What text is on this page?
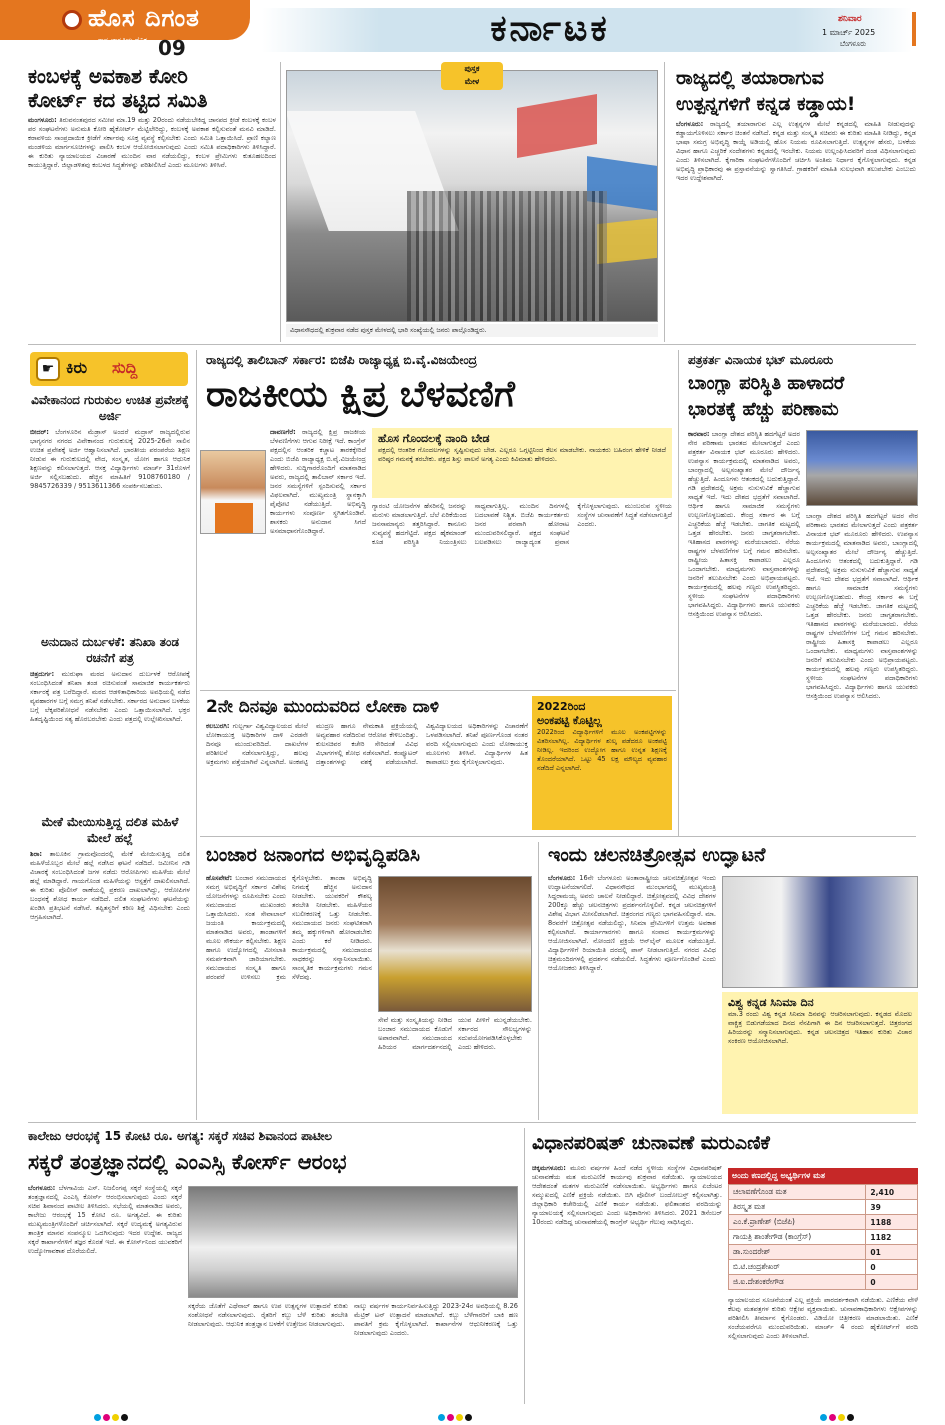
ಹೊಸ ದಿಗಂತ
ರಾಷ್ಟ್ರ ಜಾಗೃತಿಯ ದೈನಿಕ 09	ಕರ್ನಾಟಕ	ಶನಿವಾರ
1 ಮಾರ್ಚ್ 2025
ಬೆಂಗಳೂರು
ಕಂಬಳಕ್ಕೆ ಅವಕಾಶ ಕೋರಿ
ಕೋರ್ಟ್ ಕದ ತಟ್ಟಿದ ಸಮಿತಿ
ಮಂಗಳೂರು: ತಿರುವನಂತಪುರದ ಸಮೀಪ ಮಾ.19 ಮತ್ತು 20ರಂದು ನಡೆಯಬೇಕಿದ್ದ ಜಾನಪದ ಕ್ರೀಡೆ ಕಂಬಳಕ್ಕೆ ಕಂಬಳ ಪರ ಸಂಘಟನೆಗಳು ಅನುಮತಿ ಕೋರಿ ಹೈಕೋರ್ಟ್ ಮೆಟ್ಟಿಲೇರಿದ್ದು, ಕಂಬಳಕ್ಕೆ ಅವಕಾಶ ಕಲ್ಪಿಸುವಂತೆ ಮನವಿ ಮಾಡಿದೆ. ಕರಾವಳಿಯ ಸಾಂಪ್ರದಾಯಿಕ ಕ್ರೀಡೆಗೆ ಸರ್ಕಾರವು ಸೂಕ್ತ ವ್ಯವಸ್ಥೆ ಕಲ್ಪಿಸಬೇಕು ಎಂದು ಸಮಿತಿ ಒತ್ತಾಯಿಸಿದೆ. ಪ್ರಾಣಿ ಕಲ್ಯಾಣ ಮಂಡಳಿಯ ಮಾರ್ಗಸೂಚಿಗಳನ್ನು ಪಾಲಿಸಿ ಕಂಬಳ ಆಯೋಜಿಸಲಾಗುವುದು ಎಂದು ಸಮಿತಿ ಪದಾಧಿಕಾರಿಗಳು ತಿಳಿಸಿದ್ದಾರೆ. ಈ ಕುರಿತು ನ್ಯಾಯಾಲಯದ ವಿಚಾರಣೆ ಮುಂದಿನ ವಾರ ನಡೆಯಲಿದ್ದು, ಕಂಬಳ ಪ್ರೇಮಿಗಳು ಕುತೂಹಲದಿಂದ ಕಾಯುತ್ತಿದ್ದಾರೆ. ಜಿಲ್ಲಾಡಳಿತವು ಕಂಬಳದ ಸಿದ್ಧತೆಗಳನ್ನು ಪರಿಶೀಲಿಸಿದೆ ಎಂದು ಮೂಲಗಳು ತಿಳಿಸಿವೆ.
ಪುಸ್ತಕ
ಮೇಳ
ವಿಧಾನಸೌಧದಲ್ಲಿ ಶುಕ್ರವಾರ ನಡೆದ ಪುಸ್ತಕ ಮೇಳದಲ್ಲಿ ಭಾರಿ ಸಂಖ್ಯೆಯಲ್ಲಿ ಜನರು ಪಾಲ್ಗೊಂಡಿದ್ದರು.
ರಾಜ್ಯದಲ್ಲಿ ತಯಾರಾಗುವ
ಉತ್ಪನ್ನಗಳಿಗೆ ಕನ್ನಡ ಕಡ್ಡಾಯ!
ಬೆಂಗಳೂರು: ರಾಜ್ಯದಲ್ಲಿ ತಯಾರಾಗುವ ಎಲ್ಲ ಉತ್ಪನ್ನಗಳ ಮೇಲೆ ಕನ್ನಡದಲ್ಲಿ ಮಾಹಿತಿ ನೀಡುವುದನ್ನು ಕಡ್ಡಾಯಗೊಳಿಸಲು ಸರ್ಕಾರ ಚಿಂತನೆ ನಡೆಸಿದೆ. ಕನ್ನಡ ಮತ್ತು ಸಂಸ್ಕೃತಿ ಸಚಿವರು ಈ ಕುರಿತು ಮಾಹಿತಿ ನೀಡಿದ್ದು, ಕನ್ನಡ ಭಾಷಾ ಸಮಗ್ರ ಅಭಿವೃದ್ಧಿ ಕಾಯ್ದೆ ಅಡಿಯಲ್ಲಿ ಹೊಸ ನಿಯಮ ರೂಪಿಸಲಾಗುತ್ತಿದೆ. ಉತ್ಪನ್ನಗಳ ಹೆಸರು, ಬಳಕೆಯ ವಿಧಾನ ಹಾಗೂ ಎಚ್ಚರಿಕೆ ಸಂದೇಶಗಳು ಕನ್ನಡದಲ್ಲಿ ಇರಬೇಕು. ನಿಯಮ ಉಲ್ಲಂಘಿಸಿದವರಿಗೆ ದಂಡ ವಿಧಿಸಲಾಗುವುದು ಎಂದು ತಿಳಿಸಲಾಗಿದೆ. ಕೈಗಾರಿಕಾ ಸಂಘಟನೆಗಳೊಂದಿಗೆ ಚರ್ಚಿಸಿ ಅಂತಿಮ ನಿರ್ಧಾರ ಕೈಗೊಳ್ಳಲಾಗುವುದು. ಕನ್ನಡ ಅಭಿವೃದ್ಧಿ ಪ್ರಾಧಿಕಾರವು ಈ ಪ್ರಸ್ತಾವನೆಯನ್ನು ಸ್ವಾಗತಿಸಿದೆ. ಗ್ರಾಹಕರಿಗೆ ಮಾಹಿತಿ ಸುಲಭವಾಗಿ ತಲುಪಬೇಕು ಎಂಬುದು ಇದರ ಉದ್ದೇಶವಾಗಿದೆ.
☛ ಕಿರು ಸುದ್ದಿ
ವಿವೇಕಾನಂದ ಗುರುಕುಲ ಉಚಿತ ಪ್ರವೇಶಕ್ಕೆ ಅರ್ಜಿ
ಬೀದರ್: ಬೆಂಗಳೂರಿನ ಮೆಡ್ರಾಸ್ ಅಂದರೆ ಮದ್ರಾಸ್ ರಾಜ್ಯದಲ್ಲಿರುವ ಭಾಗ್ಯನಗರ ನಗರದ ವಿವೇಕಾನಂದ ಗುರುಕುಲಕ್ಕೆ 2025-26ನೇ ಸಾಲಿನ ಉಚಿತ ಪ್ರವೇಶಕ್ಕೆ ಅರ್ಜಿ ಆಹ್ವಾನಿಸಲಾಗಿದೆ. ಭಾರತೀಯ ಪರಂಪರೆಯ ಶಿಕ್ಷಣ ನೀಡುವ ಈ ಗುರುಕುಲದಲ್ಲಿ ವೇದ, ಸಂಸ್ಕೃತ, ಯೋಗ ಹಾಗೂ ಆಧುನಿಕ ಶಿಕ್ಷಣವನ್ನು ಕಲಿಸಲಾಗುತ್ತದೆ. ಆಸಕ್ತ ವಿದ್ಯಾರ್ಥಿಗಳು ಮಾರ್ಚ್ 31ರೊಳಗೆ ಅರ್ಜಿ ಸಲ್ಲಿಸಬಹುದು. ಹೆಚ್ಚಿನ ಮಾಹಿತಿಗೆ 9108760180 / 9845726339 / 9513611366 ಸಂಪರ್ಕಿಸಬಹುದು.
ಅನುದಾನ ದುರ್ಬಳಕೆ: ತನಿಖಾ ತಂಡ ರಚನೆಗೆ ಪತ್ರ
ಚಿತ್ರದುರ್ಗ: ಮುರುಘಾ ಮಠದ ಅನುದಾನ ದುರ್ಬಳಕೆ ಆರೋಪಕ್ಕೆ ಸಂಬಂಧಿಸಿದಂತೆ ತನಿಖಾ ತಂಡ ರಚಿಸುವಂತೆ ಸಾಮಾಜಿಕ ಕಾರ್ಯಕರ್ತರು ಸರ್ಕಾರಕ್ಕೆ ಪತ್ರ ಬರೆದಿದ್ದಾರೆ. ಮಠದ ಆಡಳಿತಾಧಿಕಾರಿಯ ಅವಧಿಯಲ್ಲಿ ನಡೆದ ವ್ಯವಹಾರಗಳ ಬಗ್ಗೆ ಸಮಗ್ರ ತನಿಖೆ ನಡೆಸಬೇಕು. ಸರ್ಕಾರದ ಅನುದಾನ ಬಳಕೆಯ ಬಗ್ಗೆ ಲೆಕ್ಕಪರಿಶೋಧನೆ ನಡೆಸಬೇಕು ಎಂದು ಒತ್ತಾಯಿಸಲಾಗಿದೆ. ಭಕ್ತರ ಹಿತದೃಷ್ಟಿಯಿಂದ ಸತ್ಯ ಹೊರಬರಬೇಕು ಎಂದು ಪತ್ರದಲ್ಲಿ ಉಲ್ಲೇಖಿಸಲಾಗಿದೆ.
ಮೇಕೆ ಮೇಯಿಸುತ್ತಿದ್ದ ದಲಿತ ಮಹಿಳೆ ಮೇಲೆ ಹಲ್ಲೆ
ಶಿರಾ: ತಾಲೂಕಿನ ಗ್ರಾಮವೊಂದರಲ್ಲಿ ಮೇಕೆ ಮೇಯಿಸುತ್ತಿದ್ದ ದಲಿತ ಮಹಿಳೆಯೊಬ್ಬರ ಮೇಲೆ ಹಲ್ಲೆ ನಡೆಸಿದ ಘಟನೆ ನಡೆದಿದೆ. ಜಮೀನಿನ ಗಡಿ ವಿಚಾರಕ್ಕೆ ಸಂಬಂಧಿಸಿದಂತೆ ಜಗಳ ನಡೆದು ಆರೋಪಿಗಳು ಮಹಿಳೆಯ ಮೇಲೆ ಹಲ್ಲೆ ಮಾಡಿದ್ದಾರೆ. ಗಾಯಗೊಂಡ ಮಹಿಳೆಯನ್ನು ಆಸ್ಪತ್ರೆಗೆ ದಾಖಲಿಸಲಾಗಿದೆ. ಈ ಕುರಿತು ಪೊಲೀಸ್ ಠಾಣೆಯಲ್ಲಿ ಪ್ರಕರಣ ದಾಖಲಾಗಿದ್ದು, ಆರೋಪಿಗಳ ಬಂಧನಕ್ಕೆ ಶೋಧ ಕಾರ್ಯ ನಡೆದಿದೆ. ದಲಿತ ಸಂಘಟನೆಗಳು ಘಟನೆಯನ್ನು ಖಂಡಿಸಿ ಪ್ರತಿಭಟನೆ ನಡೆಸಿವೆ. ತಪ್ಪಿತಸ್ಥರಿಗೆ ಕಠಿಣ ಶಿಕ್ಷೆ ವಿಧಿಸಬೇಕು ಎಂದು ಆಗ್ರಹಿಸಲಾಗಿದೆ.
ರಾಜ್ಯದಲ್ಲಿ ತಾಲಿಬಾನ್ ಸರ್ಕಾರ: ಬಿಜೆಪಿ ರಾಜ್ಯಾಧ್ಯಕ್ಷ ಬಿ.ವೈ.ವಿಜಯೇಂದ್ರ
ರಾಜಕೀಯ ಕ್ಷಿಪ್ರ ಬೆಳವಣಿಗೆ
ದಾವಣಗೆರೆ: ರಾಜ್ಯದಲ್ಲಿ ಕ್ಷಿಪ್ರ ರಾಜಕೀಯ ಬೆಳವಣಿಗೆಗಳು ಆಗುವ ನಿರೀಕ್ಷೆ ಇದೆ. ಕಾಂಗ್ರೆಸ್ ಪಕ್ಷದಲ್ಲಿನ ಆಂತರಿಕ ಕಚ್ಚಾಟ ತಾರಕಕ್ಕೇರಿದೆ ಎಂದು ಬಿಜೆಪಿ ರಾಜ್ಯಾಧ್ಯಕ್ಷ ಬಿ.ವೈ.ವಿಜಯೇಂದ್ರ ಹೇಳಿದರು. ಸುದ್ದಿಗಾರರೊಂದಿಗೆ ಮಾತನಾಡಿದ ಅವರು, ರಾಜ್ಯದಲ್ಲಿ ತಾಲಿಬಾನ್ ಸರ್ಕಾರ ಇದೆ. ಜನರ ಸಮಸ್ಯೆಗಳಿಗೆ ಸ್ಪಂದಿಸುವಲ್ಲಿ ಸರ್ಕಾರ ವಿಫಲವಾಗಿದೆ. ಮುಖ್ಯಮಂತ್ರಿ ಸ್ಥಾನಕ್ಕಾಗಿ ಪೈಪೋಟಿ ನಡೆಯುತ್ತಿದೆ. ಅಭಿವೃದ್ಧಿ ಕಾರ್ಯಗಳು ಸಂಪೂರ್ಣ ಸ್ಥಗಿತಗೊಂಡಿವೆ. ಶಾಸಕರು ಅನುದಾನ ಸಿಗದೆ ಅಸಮಾಧಾನಗೊಂಡಿದ್ದಾರೆ.
ಹೊಸ ಗೊಂದಲಕ್ಕೆ ನಾಂದಿ ಬೇಡ
ಪಕ್ಷದಲ್ಲಿ ಆಂತರಿಕ ಗೊಂದಲಗಳನ್ನು ಸೃಷ್ಟಿಸುವುದು ಬೇಡ. ಎಲ್ಲರೂ ಒಗ್ಗಟ್ಟಿನಿಂದ ಕೆಲಸ ಮಾಡಬೇಕು. ನಾಯಕರು ಬಹಿರಂಗ ಹೇಳಿಕೆ ನೀಡದೆ ವರಿಷ್ಠರ ಗಮನಕ್ಕೆ ತರಬೇಕು. ಪಕ್ಷದ ಶಿಸ್ತು ಪಾಲನೆ ಅಗತ್ಯ ಎಂದು ಕಿವಿಮಾತು ಹೇಳಿದರು.
ಗ್ಯಾರಂಟಿ ಯೋಜನೆಗಳ ಹೆಸರಿನಲ್ಲಿ ಜನರನ್ನು ಮರುಳು ಮಾಡಲಾಗುತ್ತಿದೆ. ಬೆಲೆ ಏರಿಕೆಯಿಂದ ಜನಸಾಮಾನ್ಯರು ತತ್ತರಿಸಿದ್ದಾರೆ. ಕಾನೂನು ಸುವ್ಯವಸ್ಥೆ ಹದಗೆಟ್ಟಿದೆ. ಪಕ್ಷದ ಹೈಕಮಾಂಡ್ ಕೂಡ ಪರಿಸ್ಥಿತಿ ನಿಯಂತ್ರಿಸಲು ಸಾಧ್ಯವಾಗುತ್ತಿಲ್ಲ. ಮುಂದಿನ ದಿನಗಳಲ್ಲಿ ಬದಲಾವಣೆ ನಿಶ್ಚಿತ. ಬಿಜೆಪಿ ಕಾರ್ಯಕರ್ತರು ಜನರ ಪರವಾಗಿ ಹೋರಾಟ ಮುಂದುವರಿಸಲಿದ್ದಾರೆ. ಪಕ್ಷದ ಸಂಘಟನೆ ಬಲಪಡಿಸಲು ರಾಜ್ಯಾದ್ಯಂತ ಪ್ರವಾಸ ಕೈಗೊಳ್ಳಲಾಗುವುದು. ಮುಂಬರುವ ಸ್ಥಳೀಯ ಸಂಸ್ಥೆಗಳ ಚುನಾವಣೆಗೆ ಸಿದ್ಧತೆ ನಡೆಸಲಾಗುತ್ತಿದೆ ಎಂದರು.
2ನೇ ದಿನವೂ ಮುಂದುವರಿದ ಲೋಕಾ ದಾಳಿ
ಕಲಬುರಗಿ: ಗುಲ್ಬರ್ಗಾ ವಿಶ್ವವಿದ್ಯಾಲಯದ ಮೇಲೆ ಲೋಕಾಯುಕ್ತ ಅಧಿಕಾರಿಗಳ ದಾಳಿ ಎರಡನೇ ದಿನವೂ ಮುಂದುವರಿದಿದೆ. ದಾಖಲೆಗಳ ಪರಿಶೀಲನೆ ನಡೆಸಲಾಗುತ್ತಿದ್ದು, ಹಲವು ಅಕ್ರಮಗಳು ಪತ್ತೆಯಾಗಿವೆ ಎನ್ನಲಾಗಿದೆ. ಅಂಕಪಟ್ಟಿ ಮುದ್ರಣ ಹಾಗೂ ನೇಮಕಾತಿ ಪ್ರಕ್ರಿಯೆಯಲ್ಲಿ ಅವ್ಯವಹಾರ ನಡೆದಿರುವ ಆರೋಪ ಕೇಳಿಬಂದಿತ್ತು. ಕುಲಸಚಿವರ ಕಚೇರಿ ಸೇರಿದಂತೆ ವಿವಿಧ ವಿಭಾಗಗಳಲ್ಲಿ ಶೋಧ ನಡೆಸಲಾಗಿದೆ. ಕಂಪ್ಯೂಟರ್ ದತ್ತಾಂಶಗಳನ್ನು ವಶಕ್ಕೆ ಪಡೆಯಲಾಗಿದೆ. ವಿಶ್ವವಿದ್ಯಾಲಯದ ಅಧಿಕಾರಿಗಳನ್ನು ವಿಚಾರಣೆಗೆ ಒಳಪಡಿಸಲಾಗಿದೆ. ತನಿಖೆ ಪೂರ್ಣಗೊಂಡ ನಂತರ ವರದಿ ಸಲ್ಲಿಸಲಾಗುವುದು ಎಂದು ಲೋಕಾಯುಕ್ತ ಮೂಲಗಳು ತಿಳಿಸಿವೆ. ವಿದ್ಯಾರ್ಥಿಗಳ ಹಿತ ಕಾಪಾಡಲು ಕ್ರಮ ಕೈಗೊಳ್ಳಲಾಗುವುದು.
2022ರಿಂದ
ಅಂಕಪಟ್ಟಿ ಕೊಟ್ಟಿಲ್ಲ
2022ರಿಂದ ವಿದ್ಯಾರ್ಥಿಗಳಿಗೆ ಮೂಲ ಅಂಕಪಟ್ಟಿಗಳನ್ನು ವಿತರಿಸಲಾಗಿಲ್ಲ. ವಿದ್ಯಾರ್ಥಿಗಳ ಶುಲ್ಕ ಪಡೆದರೂ ಅಂಕಪಟ್ಟಿ ನೀಡಿಲ್ಲ. ಇದರಿಂದ ಉದ್ಯೋಗ ಹಾಗೂ ಉನ್ನತ ಶಿಕ್ಷಣಕ್ಕೆ ತೊಂದರೆಯಾಗಿದೆ. ಒಟ್ಟು 45 ಲಕ್ಷ ಮೌಲ್ಯದ ವ್ಯವಹಾರ ನಡೆದಿದೆ ಎನ್ನಲಾಗಿದೆ.
ಪತ್ರಕರ್ತ ವಿನಾಯಕ ಭಟ್ ಮೂರೂರು
ಬಾಂಗ್ಲಾ ಪರಿಸ್ಥಿತಿ ಹಾಳಾದರೆ
ಭಾರತಕ್ಕೆ ಹೆಚ್ಚು ಪರಿಣಾಮ
ಕಾರವಾರ: ಬಾಂಗ್ಲಾ ದೇಶದ ಪರಿಸ್ಥಿತಿ ಹದಗೆಟ್ಟರೆ ಅದರ ನೇರ ಪರಿಣಾಮ ಭಾರತದ ಮೇಲಾಗುತ್ತದೆ ಎಂದು ಪತ್ರಕರ್ತ ವಿನಾಯಕ ಭಟ್ ಮೂರೂರು ಹೇಳಿದರು. ಉಪನ್ಯಾಸ ಕಾರ್ಯಕ್ರಮದಲ್ಲಿ ಮಾತನಾಡಿದ ಅವರು, ಬಾಂಗ್ಲಾದಲ್ಲಿ ಅಲ್ಪಸಂಖ್ಯಾತರ ಮೇಲೆ ದೌರ್ಜನ್ಯ ಹೆಚ್ಚುತ್ತಿದೆ. ಹಿಂದೂಗಳು ಆತಂಕದಲ್ಲಿ ಬದುಕುತ್ತಿದ್ದಾರೆ. ಗಡಿ ಪ್ರದೇಶದಲ್ಲಿ ಅಕ್ರಮ ನುಸುಳುವಿಕೆ ಹೆಚ್ಚಾಗುವ ಸಾಧ್ಯತೆ ಇದೆ. ಇದು ದೇಶದ ಭದ್ರತೆಗೆ ಸವಾಲಾಗಿದೆ. ಆರ್ಥಿಕ ಹಾಗೂ ಸಾಮಾಜಿಕ ಸಮಸ್ಯೆಗಳು ಉಲ್ಬಣಗೊಳ್ಳಬಹುದು. ಕೇಂದ್ರ ಸರ್ಕಾರ ಈ ಬಗ್ಗೆ ಎಚ್ಚರಿಕೆಯ ಹೆಜ್ಜೆ ಇಡಬೇಕು. ಜಾಗತಿಕ ಮಟ್ಟದಲ್ಲಿ ಒತ್ತಡ ಹೇರಬೇಕು. ಜನರು ಜಾಗೃತರಾಗಬೇಕು. ಇತಿಹಾಸದ ಪಾಠಗಳನ್ನು ಮರೆಯಬಾರದು. ನೆರೆಯ ರಾಷ್ಟ್ರಗಳ ಬೆಳವಣಿಗೆಗಳ ಬಗ್ಗೆ ಗಮನ ಹರಿಸಬೇಕು. ರಾಷ್ಟ್ರೀಯ ಹಿತಾಸಕ್ತಿ ಕಾಪಾಡಲು ಎಲ್ಲರೂ ಒಂದಾಗಬೇಕು. ಮಾಧ್ಯಮಗಳು ವಾಸ್ತವಾಂಶಗಳನ್ನು ಜನರಿಗೆ ತಲುಪಿಸಬೇಕು ಎಂದು ಅಭಿಪ್ರಾಯಪಟ್ಟರು. ಕಾರ್ಯಕ್ರಮದಲ್ಲಿ ಹಲವು ಗಣ್ಯರು ಉಪಸ್ಥಿತರಿದ್ದರು. ಸ್ಥಳೀಯ ಸಂಘಟನೆಗಳ ಪದಾಧಿಕಾರಿಗಳು ಭಾಗವಹಿಸಿದ್ದರು. ವಿದ್ಯಾರ್ಥಿಗಳು ಹಾಗೂ ಯುವಕರು ಆಸಕ್ತಿಯಿಂದ ಉಪನ್ಯಾಸ ಆಲಿಸಿದರು.
ಬಾಂಗ್ಲಾ ದೇಶದ ಪರಿಸ್ಥಿತಿ ಹದಗೆಟ್ಟರೆ ಅದರ ನೇರ ಪರಿಣಾಮ ಭಾರತದ ಮೇಲಾಗುತ್ತದೆ ಎಂದು ಪತ್ರಕರ್ತ ವಿನಾಯಕ ಭಟ್ ಮೂರೂರು ಹೇಳಿದರು. ಉಪನ್ಯಾಸ ಕಾರ್ಯಕ್ರಮದಲ್ಲಿ ಮಾತನಾಡಿದ ಅವರು, ಬಾಂಗ್ಲಾದಲ್ಲಿ ಅಲ್ಪಸಂಖ್ಯಾತರ ಮೇಲೆ ದೌರ್ಜನ್ಯ ಹೆಚ್ಚುತ್ತಿದೆ. ಹಿಂದೂಗಳು ಆತಂಕದಲ್ಲಿ ಬದುಕುತ್ತಿದ್ದಾರೆ. ಗಡಿ ಪ್ರದೇಶದಲ್ಲಿ ಅಕ್ರಮ ನುಸುಳುವಿಕೆ ಹೆಚ್ಚಾಗುವ ಸಾಧ್ಯತೆ ಇದೆ. ಇದು ದೇಶದ ಭದ್ರತೆಗೆ ಸವಾಲಾಗಿದೆ. ಆರ್ಥಿಕ ಹಾಗೂ ಸಾಮಾಜಿಕ ಸಮಸ್ಯೆಗಳು ಉಲ್ಬಣಗೊಳ್ಳಬಹುದು. ಕೇಂದ್ರ ಸರ್ಕಾರ ಈ ಬಗ್ಗೆ ಎಚ್ಚರಿಕೆಯ ಹೆಜ್ಜೆ ಇಡಬೇಕು. ಜಾಗತಿಕ ಮಟ್ಟದಲ್ಲಿ ಒತ್ತಡ ಹೇರಬೇಕು. ಜನರು ಜಾಗೃತರಾಗಬೇಕು. ಇತಿಹಾಸದ ಪಾಠಗಳನ್ನು ಮರೆಯಬಾರದು. ನೆರೆಯ ರಾಷ್ಟ್ರಗಳ ಬೆಳವಣಿಗೆಗಳ ಬಗ್ಗೆ ಗಮನ ಹರಿಸಬೇಕು. ರಾಷ್ಟ್ರೀಯ ಹಿತಾಸಕ್ತಿ ಕಾಪಾಡಲು ಎಲ್ಲರೂ ಒಂದಾಗಬೇಕು. ಮಾಧ್ಯಮಗಳು ವಾಸ್ತವಾಂಶಗಳನ್ನು ಜನರಿಗೆ ತಲುಪಿಸಬೇಕು ಎಂದು ಅಭಿಪ್ರಾಯಪಟ್ಟರು. ಕಾರ್ಯಕ್ರಮದಲ್ಲಿ ಹಲವು ಗಣ್ಯರು ಉಪಸ್ಥಿತರಿದ್ದರು. ಸ್ಥಳೀಯ ಸಂಘಟನೆಗಳ ಪದಾಧಿಕಾರಿಗಳು ಭಾಗವಹಿಸಿದ್ದರು. ವಿದ್ಯಾರ್ಥಿಗಳು ಹಾಗೂ ಯುವಕರು ಆಸಕ್ತಿಯಿಂದ ಉಪನ್ಯಾಸ ಆಲಿಸಿದರು.
ಬಂಜಾರ ಜನಾಂಗದ ಅಭಿವೃದ್ಧಿಪಡಿಸಿ
ಹೊಸಪೇಟೆ: ಬಂಜಾರ ಸಮುದಾಯದ ಸಮಗ್ರ ಅಭಿವೃದ್ಧಿಗೆ ಸರ್ಕಾರ ವಿಶೇಷ ಯೋಜನೆಗಳನ್ನು ರೂಪಿಸಬೇಕು ಎಂದು ಸಮುದಾಯದ ಮುಖಂಡರು ಒತ್ತಾಯಿಸಿದರು. ಸಂತ ಸೇವಾಲಾಲ್ ಜಯಂತಿ ಕಾರ್ಯಕ್ರಮದಲ್ಲಿ ಮಾತನಾಡಿದ ಅವರು, ತಾಂಡಾಗಳಿಗೆ ಮೂಲ ಸೌಕರ್ಯ ಕಲ್ಪಿಸಬೇಕು. ಶಿಕ್ಷಣ ಹಾಗೂ ಉದ್ಯೋಗದಲ್ಲಿ ಮೀಸಲಾತಿ ಸಮರ್ಪಕವಾಗಿ ಜಾರಿಯಾಗಬೇಕು. ಸಮುದಾಯದ ಸಂಸ್ಕೃತಿ ಹಾಗೂ ಪರಂಪರೆ ಉಳಿಸಲು ಕ್ರಮ ಕೈಗೊಳ್ಳಬೇಕು. ತಾಂಡಾ ಅಭಿವೃದ್ಧಿ ನಿಗಮಕ್ಕೆ ಹೆಚ್ಚಿನ ಅನುದಾನ ನೀಡಬೇಕು. ಯುವಕರಿಗೆ ಕೌಶಲ್ಯ ತರಬೇತಿ ನೀಡಬೇಕು. ಮಹಿಳೆಯರ ಸಬಲೀಕರಣಕ್ಕೆ ಒತ್ತು ನೀಡಬೇಕು. ಸಮುದಾಯದ ಜನರು ಸಂಘಟಿತರಾಗಿ ತಮ್ಮ ಹಕ್ಕುಗಳಿಗಾಗಿ ಹೋರಾಡಬೇಕು ಎಂದು ಕರೆ ನೀಡಿದರು. ಕಾರ್ಯಕ್ರಮದಲ್ಲಿ ಸಮುದಾಯದ ಸಾಧಕರನ್ನು ಸನ್ಮಾನಿಸಲಾಯಿತು. ಸಾಂಸ್ಕೃತಿಕ ಕಾರ್ಯಕ್ರಮಗಳು ಗಮನ ಸೆಳೆದವು.
ಸೇವೆ ಮತ್ತು ಸಂಸ್ಕೃತಿಯನ್ನು ನೀಡಿದ ಬಂಜಾರ ಸಮುದಾಯದ ಕೊಡುಗೆ ಅಪಾರವಾಗಿದೆ. ಸಮುದಾಯದ ಹಿರಿಯರ ಮಾರ್ಗದರ್ಶನದಲ್ಲಿ ಯುವ ಪೀಳಿಗೆ ಮುನ್ನಡೆಯಬೇಕು. ಸರ್ಕಾರದ ಸೌಲಭ್ಯಗಳನ್ನು ಸದುಪಯೋಗಪಡಿಸಿಕೊಳ್ಳಬೇಕು ಎಂದು ಹೇಳಿದರು.
ಇಂದು ಚಲನಚಿತ್ರೋತ್ಸವ ಉದ್ಘಾಟನೆ
ಬೆಂಗಳೂರು: 16ನೇ ಬೆಂಗಳೂರು ಅಂತಾರಾಷ್ಟ್ರೀಯ ಚಲನಚಿತ್ರೋತ್ಸವ ಇಂದು ಉದ್ಘಾಟನೆಯಾಗಲಿದೆ. ವಿಧಾನಸೌಧದ ಮುಂಭಾಗದಲ್ಲಿ ಮುಖ್ಯಮಂತ್ರಿ ಸಿದ್ದರಾಮಯ್ಯ ಅವರು ಚಾಲನೆ ನೀಡಲಿದ್ದಾರೆ. ಚಿತ್ರೋತ್ಸವದಲ್ಲಿ ವಿವಿಧ ದೇಶಗಳ 200ಕ್ಕೂ ಹೆಚ್ಚು ಚಲನಚಿತ್ರಗಳು ಪ್ರದರ್ಶನಗೊಳ್ಳಲಿವೆ. ಕನ್ನಡ ಚಲನಚಿತ್ರಗಳಿಗೆ ವಿಶೇಷ ವಿಭಾಗ ಮೀಸಲಿಡಲಾಗಿದೆ. ಚಿತ್ರರಂಗದ ಗಣ್ಯರು ಭಾಗವಹಿಸಲಿದ್ದಾರೆ. ಮಾ. 8ರವರೆಗೆ ಚಿತ್ರೋತ್ಸವ ನಡೆಯಲಿದ್ದು, ಸಿನಿಮಾ ಪ್ರೇಮಿಗಳಿಗೆ ಉತ್ತಮ ಅವಕಾಶ ಕಲ್ಪಿಸಲಾಗಿದೆ. ಕಾರ್ಯಾಗಾರಗಳು ಹಾಗೂ ಸಂವಾದ ಕಾರ್ಯಕ್ರಮಗಳನ್ನು ಆಯೋಜಿಸಲಾಗಿದೆ. ನೋಂದಣಿ ಪ್ರಕ್ರಿಯೆ ಆನ್‌ಲೈನ್ ಮೂಲಕ ನಡೆಯುತ್ತಿದೆ. ವಿದ್ಯಾರ್ಥಿಗಳಿಗೆ ರಿಯಾಯಿತಿ ದರದಲ್ಲಿ ಪಾಸ್ ನೀಡಲಾಗುತ್ತಿದೆ. ನಗರದ ವಿವಿಧ ಚಿತ್ರಮಂದಿರಗಳಲ್ಲಿ ಪ್ರದರ್ಶನ ನಡೆಯಲಿದೆ. ಸಿದ್ಧತೆಗಳು ಪೂರ್ಣಗೊಂಡಿವೆ ಎಂದು ಆಯೋಜಕರು ತಿಳಿಸಿದ್ದಾರೆ.
ವಿಶ್ವ ಕನ್ನಡ ಸಿನಿಮಾ ದಿನ
ಮಾ.3 ರಂದು ವಿಶ್ವ ಕನ್ನಡ ಸಿನಿಮಾ ದಿನವನ್ನು ಆಚರಿಸಲಾಗುವುದು. ಕನ್ನಡದ ಮೊದಲ ವಾಕ್ಚಿತ್ರ ಬಿಡುಗಡೆಯಾದ ದಿನದ ನೆನಪಿಗಾಗಿ ಈ ದಿನ ಆಚರಿಸಲಾಗುತ್ತದೆ. ಚಿತ್ರರಂಗದ ಹಿರಿಯರನ್ನು ಸನ್ಮಾನಿಸಲಾಗುವುದು. ಕನ್ನಡ ಚಲನಚಿತ್ರದ ಇತಿಹಾಸ ಕುರಿತು ವಿಚಾರ ಸಂಕಿರಣ ಆಯೋಜಿಸಲಾಗಿದೆ.
ಕಾಲೇಜು ಆರಂಭಕ್ಕೆ 15 ಕೋಟಿ ರೂ. ಅಗತ್ಯ: ಸಕ್ಕರೆ ಸಚಿವ ಶಿವಾನಂದ ಪಾಟೀಲ
ಸಕ್ಕರೆ ತಂತ್ರಜ್ಞಾನದಲ್ಲಿ ಎಂಎಸ್ಸಿ ಕೋರ್ಸ್ ಆರಂಭ
ಬೆಂಗಳೂರು: ಬೆಳಗಾವಿಯ ಎಸ್. ನಿಜಲಿಂಗಪ್ಪ ಸಕ್ಕರೆ ಸಂಸ್ಥೆಯಲ್ಲಿ ಸಕ್ಕರೆ ತಂತ್ರಜ್ಞಾನದಲ್ಲಿ ಎಂಎಸ್ಸಿ ಕೋರ್ಸ್ ಆರಂಭಿಸಲಾಗುವುದು ಎಂದು ಸಕ್ಕರೆ ಸಚಿವ ಶಿವಾನಂದ ಪಾಟೀಲ ತಿಳಿಸಿದರು. ಸಭೆಯಲ್ಲಿ ಮಾತನಾಡಿದ ಅವರು, ಕಾಲೇಜು ಆರಂಭಕ್ಕೆ 15 ಕೋಟಿ ರೂ. ಅಗತ್ಯವಿದೆ. ಈ ಕುರಿತು ಮುಖ್ಯಮಂತ್ರಿಗಳೊಂದಿಗೆ ಚರ್ಚಿಸಲಾಗಿದೆ. ಸಕ್ಕರೆ ಉದ್ಯಮಕ್ಕೆ ಅಗತ್ಯವಿರುವ ತಾಂತ್ರಿಕ ಮಾನವ ಸಂಪನ್ಮೂಲ ಒದಗಿಸುವುದು ಇದರ ಉದ್ದೇಶ. ರಾಜ್ಯದ ಸಕ್ಕರೆ ಕಾರ್ಖಾನೆಗಳಿಗೆ ತಜ್ಞರ ಕೊರತೆ ಇದೆ. ಈ ಕೋರ್ಸ್‌ನಿಂದ ಯುವಕರಿಗೆ ಉದ್ಯೋಗಾವಕಾಶ ದೊರೆಯಲಿದೆ.
ಸಕ್ಕರೆಯ ಜೊತೆಗೆ ಎಥೆನಾಲ್ ಹಾಗೂ ಉಪ ಉತ್ಪನ್ನಗಳ ಉತ್ಪಾದನೆ ಕುರಿತು ಸಂಶೋಧನೆ ನಡೆಸಲಾಗುವುದು. ರೈತರಿಗೆ ಕಬ್ಬು ಬೆಳೆ ಕುರಿತು ತರಬೇತಿ ನೀಡಲಾಗುವುದು. ಆಧುನಿಕ ತಂತ್ರಜ್ಞಾನ ಬಳಕೆಗೆ ಉತ್ತೇಜನ ನೀಡಲಾಗುವುದು.
ನಾಲ್ಕು ವರ್ಷಗಳ ಕಾರ್ಯನಿರ್ವಹಿಸುತ್ತಿದ್ದು 2023-24ರ ಅವಧಿಯಲ್ಲಿ 8.26 ಮೆಟ್ರಿಕ್ ಟನ್ ಉತ್ಪಾದನೆ ಮಾಡಲಾಗಿದೆ. ಕಬ್ಬು ಬೆಳೆಗಾರರಿಗೆ ಬಾಕಿ ಹಣ ಪಾವತಿಗೆ ಕ್ರಮ ಕೈಗೊಳ್ಳಲಾಗಿದೆ. ಕಾರ್ಖಾನೆಗಳ ಆಧುನೀಕರಣಕ್ಕೆ ಒತ್ತು ನೀಡಲಾಗುವುದು ಎಂದರು.
ವಿಧಾನಪರಿಷತ್ ಚುನಾವಣೆ ಮರುಎಣಿಕೆ
ಚಿಕ್ಕಮಗಳೂರು: ಮೂರು ವರ್ಷಗಳ ಹಿಂದೆ ನಡೆದ ಸ್ಥಳೀಯ ಸಂಸ್ಥೆಗಳ ವಿಧಾನಪರಿಷತ್ ಚುನಾವಣೆಯ ಮತ ಮರುಎಣಿಕೆ ಕಾರ್ಯವು ಶುಕ್ರವಾರ ನಡೆಯಿತು. ನ್ಯಾಯಾಲಯದ ಆದೇಶದಂತೆ ಮತಗಳ ಮರುಎಣಿಕೆ ನಡೆಸಲಾಯಿತು. ಅಭ್ಯರ್ಥಿಗಳು ಹಾಗೂ ಏಜೆಂಟರ ಸಮ್ಮುಖದಲ್ಲಿ ಎಣಿಕೆ ಪ್ರಕ್ರಿಯೆ ನಡೆಯಿತು. ಬಿಗಿ ಪೊಲೀಸ್ ಬಂದೋಬಸ್ತ್ ಕಲ್ಪಿಸಲಾಗಿತ್ತು. ಜಿಲ್ಲಾಧಿಕಾರಿ ಕಚೇರಿಯಲ್ಲಿ ಎಣಿಕೆ ಕಾರ್ಯ ನಡೆಯಿತು. ಫಲಿತಾಂಶದ ವರದಿಯನ್ನು ನ್ಯಾಯಾಲಯಕ್ಕೆ ಸಲ್ಲಿಸಲಾಗುವುದು ಎಂದು ಅಧಿಕಾರಿಗಳು ತಿಳಿಸಿದರು. 2021 ಡಿಸೆಂಬರ್ 10ರಂದು ನಡೆದಿದ್ದ ಚುನಾವಣೆಯಲ್ಲಿ ಕಾಂಗ್ರೆಸ್ ಅಭ್ಯರ್ಥಿ ಗೆಲುವು ಸಾಧಿಸಿದ್ದರು.
ಅಂದು ಕಣದಲ್ಲಿದ್ದ ಅಭ್ಯರ್ಥಿಗಳ ಮತ
ಚಲಾವಣೆಗೊಂಡ ಮತ	2,410
ತಿರಸ್ಕೃತ ಮತ	39
ಎಂ.ಕೆ.ಪ್ರಾಣೇಶ್ (ಬಿಜೆಪಿ)	1188
ಗಾಯತ್ರಿ ಶಾಂತೇಗೌಡ (ಕಾಂಗ್ರೆಸ್)	1182
ಡಾ.ಸುಂದರೇಶ್	01
ಬಿ.ಟಿ.ಚಂದ್ರಶೇಖರ್	0
ಜಿ.ಐ.ದೇಶಂಕರೇಗೌಡ	0
ನ್ಯಾಯಾಲಯದ ಸೂಚನೆಯಂತೆ ಎಲ್ಲ ಪ್ರಕ್ರಿಯೆ ಪಾರದರ್ಶಕವಾಗಿ ನಡೆಯಿತು. ಎಣಿಕೆಯ ವೇಳೆ ಕೆಲವು ಮತಪತ್ರಗಳ ಕುರಿತು ಆಕ್ಷೇಪ ವ್ಯಕ್ತವಾಯಿತು. ಚುನಾವಣಾಧಿಕಾರಿಗಳು ಆಕ್ಷೇಪಗಳನ್ನು ಪರಿಶೀಲಿಸಿ ತೀರ್ಮಾನ ಕೈಗೊಂಡರು. ವಿಡಿಯೋ ಚಿತ್ರೀಕರಣ ಮಾಡಲಾಯಿತು. ಎಣಿಕೆ ಸಂಜೆಯವರೆಗೂ ಮುಂದುವರಿಯಿತು. ಮಾರ್ಚ್ 4 ರಂದು ಹೈಕೋರ್ಟ್‌ಗೆ ವರದಿ ಸಲ್ಲಿಸಲಾಗುವುದು ಎಂದು ತಿಳಿಸಲಾಗಿದೆ.
